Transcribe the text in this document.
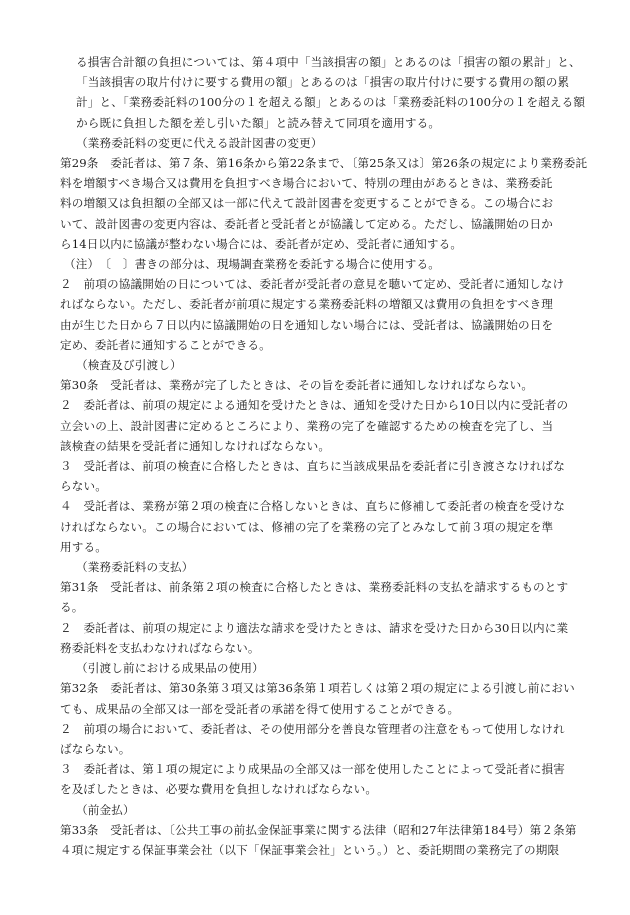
る損害合計額の負担については、第４項中「当該損害の額」とあるのは「損害の額の累計」と、
「当該損害の取片付けに要する費用の額」とあるのは「損害の取片付けに要する費用の額の累
計」と、「業務委託料の100分の１を超える額」とあるのは「業務委託料の100分の１を超える額
から既に負担した額を差し引いた額」と読み替えて同項を適用する。
（業務委託料の変更に代える設計図書の変更）
第29条　委託者は、第７条、第16条から第22条まで、〔第25条又は〕第26条の規定により業務委託
料を増額すべき場合又は費用を負担すべき場合において、特別の理由があるときは、業務委託
料の増額又は負担額の全部又は一部に代えて設計図書を変更することができる。この場合にお
いて、設計図書の変更内容は、委託者と受託者とが協議して定める。ただし、協議開始の日か
ら14日以内に協議が整わない場合には、委託者が定め、受託者に通知する。
（注）　〔　〕書きの部分は、現場調査業務を委託する場合に使用する。
２　前項の協議開始の日については、委託者が受託者の意見を聴いて定め、受託者に通知しなけ
ればならない。ただし、委託者が前項に規定する業務委託料の増額又は費用の負担をすべき理
由が生じた日から７日以内に協議開始の日を通知しない場合には、受託者は、協議開始の日を
定め、委託者に通知することができる。
（検査及び引渡し）
第30条　受託者は、業務が完了したときは、その旨を委託者に通知しなければならない。
２　委託者は、前項の規定による通知を受けたときは、通知を受けた日から10日以内に受託者の
立会いの上、設計図書に定めるところにより、業務の完了を確認するための検査を完了し、当
該検査の結果を受託者に通知しなければならない。
３　受託者は、前項の検査に合格したときは、直ちに当該成果品を委託者に引き渡さなければな
らない。
４　受託者は、業務が第２項の検査に合格しないときは、直ちに修補して委託者の検査を受けな
ければならない。この場合においては、修補の完了を業務の完了とみなして前３項の規定を準
用する。
（業務委託料の支払）
第31条　受託者は、前条第２項の検査に合格したときは、業務委託料の支払を請求するものとす
る。
２　委託者は、前項の規定により適法な請求を受けたときは、請求を受けた日から30日以内に業
務委託料を支払わなければならない。
（引渡し前における成果品の使用）
第32条　委託者は、第30条第３項又は第36条第１項若しくは第２項の規定による引渡し前におい
ても、成果品の全部又は一部を受託者の承諾を得て使用することができる。
２　前項の場合において、委託者は、その使用部分を善良な管理者の注意をもって使用しなけれ
ばならない。
３　委託者は、第１項の規定により成果品の全部又は一部を使用したことによって受託者に損害
を及ぼしたときは、必要な費用を負担しなければならない。
（前金払）
第33条　受託者は、〔公共工事の前払金保証事業に関する法律（昭和27年法律第184号）第２条第
４項に規定する保証事業会社（以下「保証事業会社」という。）と、委託期間の業務完了の期限
